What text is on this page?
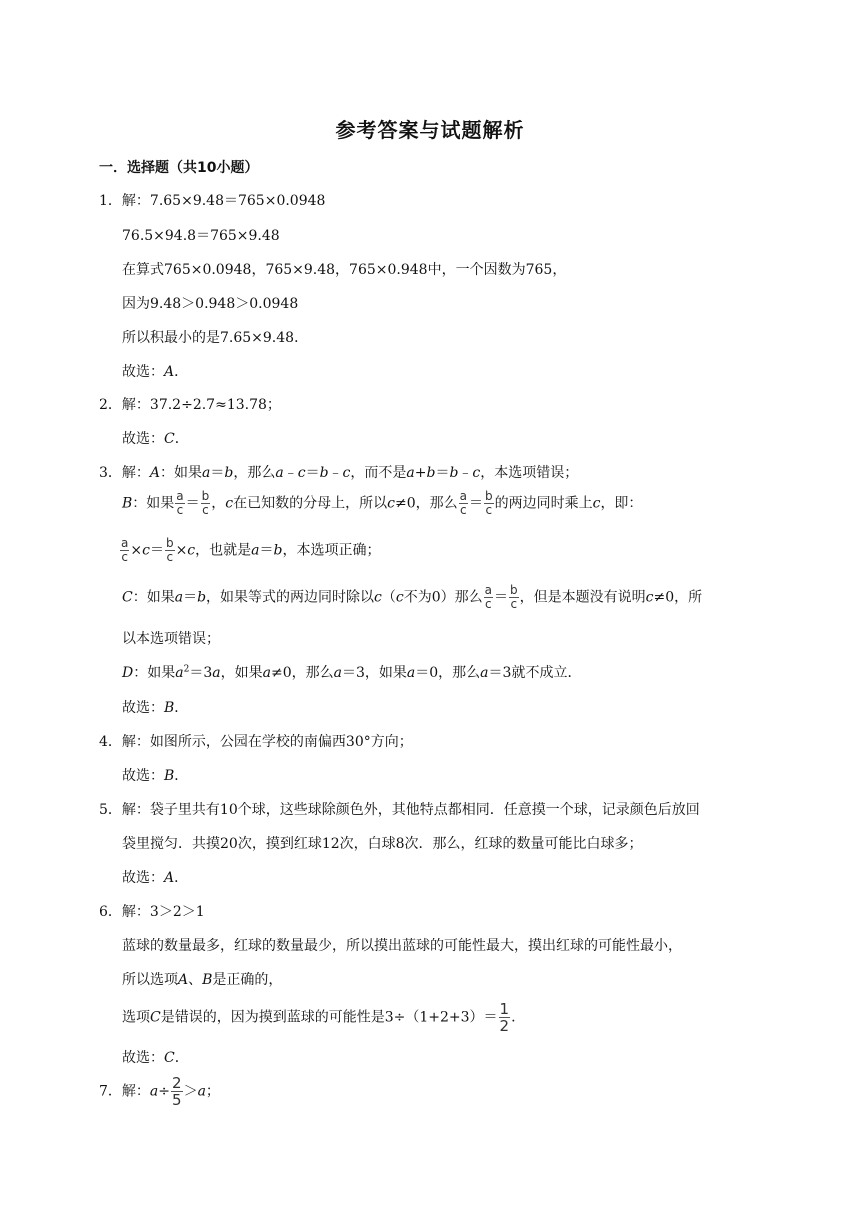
参考答案与试题解析
一．选择题（共10小题）
1．解：7.65×9.48＝765×0.0948
76.5×94.8＝765×9.48
在算式765×0.0948，765×9.48，765×0.948中，一个因数为765，
因为9.48＞0.948＞0.0948
所以积最小的是7.65×9.48．
故选：A．
2．解：37.2÷2.7≈13.78；
故选：C．
3．解：A：如果a＝b，那么a﹣c＝b﹣c，而不是a+b＝b﹣c，本选项错误；
B：如果 $\frac{a}{c} = \frac{b}{c}$ ，c在已知数的分母上，所以c≠0，那么 $\frac{a}{c} = \frac{b}{c}$ 的两边同时乘上c，即：
$\frac{a}{c} \times c= \frac{b}{c} \times c$，也就是a＝b，本选项正确；
C：如果a＝b，如果等式的两边同时除以c（c不为0）那么 $\frac{a}{c} = \frac{b}{c}$ ，但是本题没有说明c≠0，所
以本选项错误；
D：如果$a^2=3a$，如果a≠0，那么a＝3，如果a＝0，那么a＝3就不成立．
故选：B．
4．解：如图所示，公园在学校的南偏西30°方向；
故选：B．
5．解：袋子里共有10个球，这些球除颜色外，其他特点都相同．任意摸一个球，记录颜色后放回
袋里搅匀．共摸20次，摸到红球12次，白球8次．那么，红球的数量可能比白球多；
故选：A．
6．解：3＞2＞1
蓝球的数量最多，红球的数量最少，所以摸出蓝球的可能性最大，摸出红球的可能性最小，
所以选项A、B是正确的，
选项C是错误的，因为摸到蓝球的可能性是$3\div(1+2+3)= \frac{1}{2}$ .
故选：C．
7．解：$a\div \frac{2}{5} >a$；
